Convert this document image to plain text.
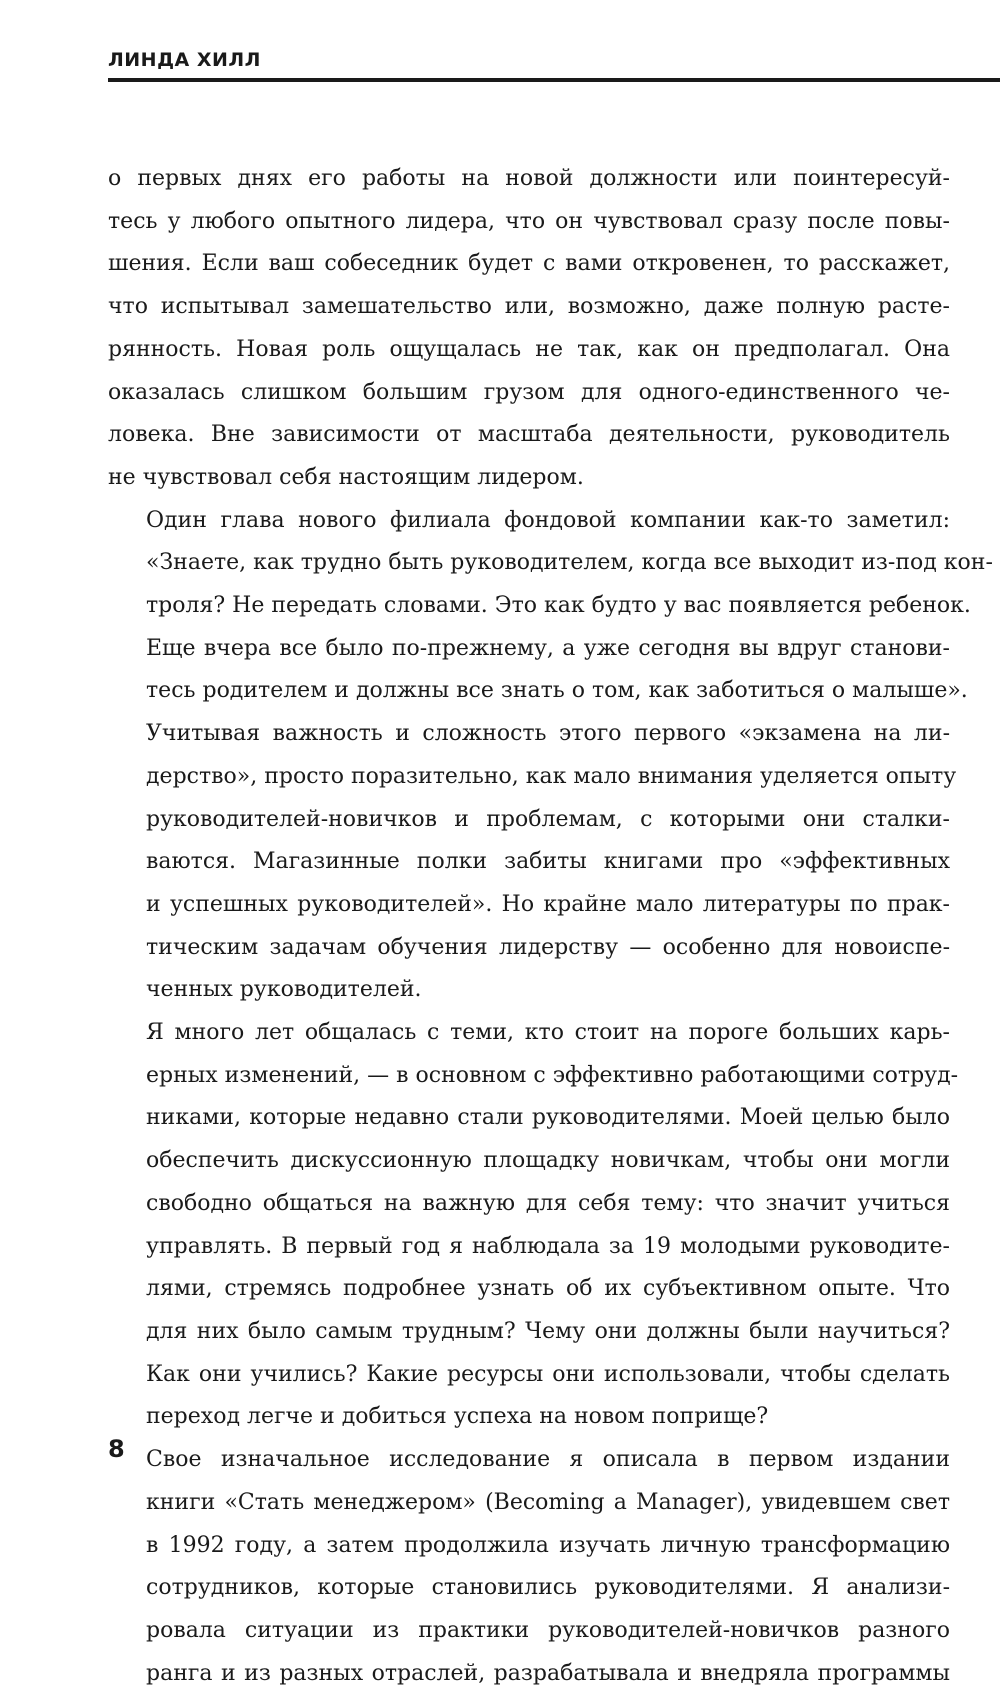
ЛИНДА ХИЛЛ

о первых днях его работы на новой должности или поинтересуй-
тесь у любого опытного лидера, что он чувствовал сразу после повы-
шения. Если ваш собеседник будет с вами откровенен, то расскажет,
что испытывал замешательство или, возможно, даже полную расте-
рянность. Новая роль ощущалась не так, как он предполагал. Она
оказалась слишком большим грузом для одного-единственного че-
ловека. Вне зависимости от масштаба деятельности, руководитель
не чувствовал себя настоящим лидером.

Один глава нового филиала фондовой компании как-то заметил:
«Знаете, как трудно быть руководителем, когда все выходит из-под кон-
троля? Не передать словами. Это как будто у вас появляется ребенок.
Еще вчера все было по-прежнему, а уже сегодня вы вдруг станови-
тесь родителем и должны все знать о том, как заботиться о малыше».

Учитывая важность и сложность этого первого «экзамена на ли-
дерство», просто поразительно, как мало внимания уделяется опыту
руководителей-новичков и проблемам, с которыми они сталки-
ваются. Магазинные полки забиты книгами про «эффективных
и успешных руководителей». Но крайне мало литературы по прак-
тическим задачам обучения лидерству — особенно для новоиспе-
ченных руководителей.

Я много лет общалась с теми, кто стоит на пороге больших карь-
ерных изменений, — в основном с эффективно работающими сотруд-
никами, которые недавно стали руководителями. Моей целью было
обеспечить дискуссионную площадку новичкам, чтобы они могли
свободно общаться на важную для себя тему: что значит учиться
управлять. В первый год я наблюдала за 19 молодыми руководите-
лями, стремясь подробнее узнать об их субъективном опыте. Что
для них было самым трудным? Чему они должны были научиться?
Как они учились? Какие ресурсы они использовали, чтобы сделать
переход легче и добиться успеха на новом поприще?

Свое изначальное исследование я описала в первом издании
книги «Стать менеджером» (Becoming a Manager), увидевшем свет
в 1992 году, а затем продолжила изучать личную трансформацию
сотрудников, которые становились руководителями. Я анализи-
ровала ситуации из практики руководителей-новичков разного
ранга и из разных отраслей, разрабатывала и внедряла программы

8
